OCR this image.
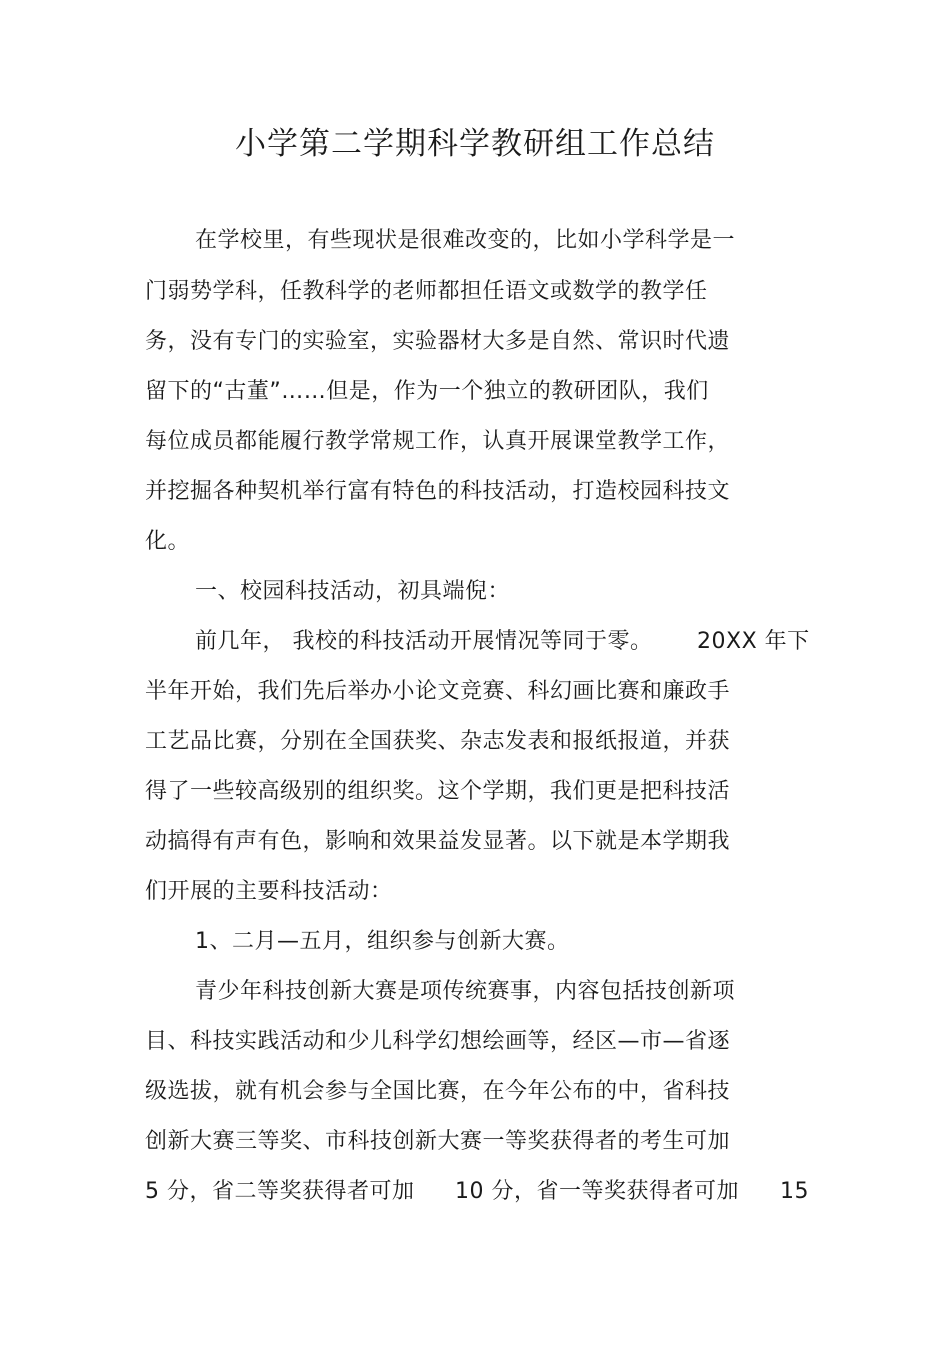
小学第二学期科学教研组工作总结
在学校里，有些现状是很难改变的，比如小学科学是一
门弱势学科，任教科学的老师都担任语文或数学的教学任
务，没有专门的实验室，实验器材大多是自然、常识时代遗
留下的“古董”……但是，作为一个独立的教研团队，我们
每位成员都能履行教学常规工作，认真开展课堂教学工作，
并挖掘各种契机举行富有特色的科技活动，打造校园科技文
化。
一、校园科技活动，初具端倪：
前几年， 我校的科技活动开展情况等同于零。 20XX 年下
半年开始，我们先后举办小论文竞赛、科幻画比赛和廉政手
工艺品比赛，分别在全国获奖、杂志发表和报纸报道，并获
得了一些较高级别的组织奖。这个学期，我们更是把科技活
动搞得有声有色，影响和效果益发显著。以下就是本学期我
们开展的主要科技活动：
1、二月—五月，组织参与创新大赛。
青少年科技创新大赛是项传统赛事，内容包括技创新项
目、科技实践活动和少儿科学幻想绘画等，经区—市—省逐
级选拔，就有机会参与全国比赛，在今年公布的中，省科技
创新大赛三等奖、市科技创新大赛一等奖获得者的考生可加
5 分，省二等奖获得者可加 10 分，省一等奖获得者可加 15
